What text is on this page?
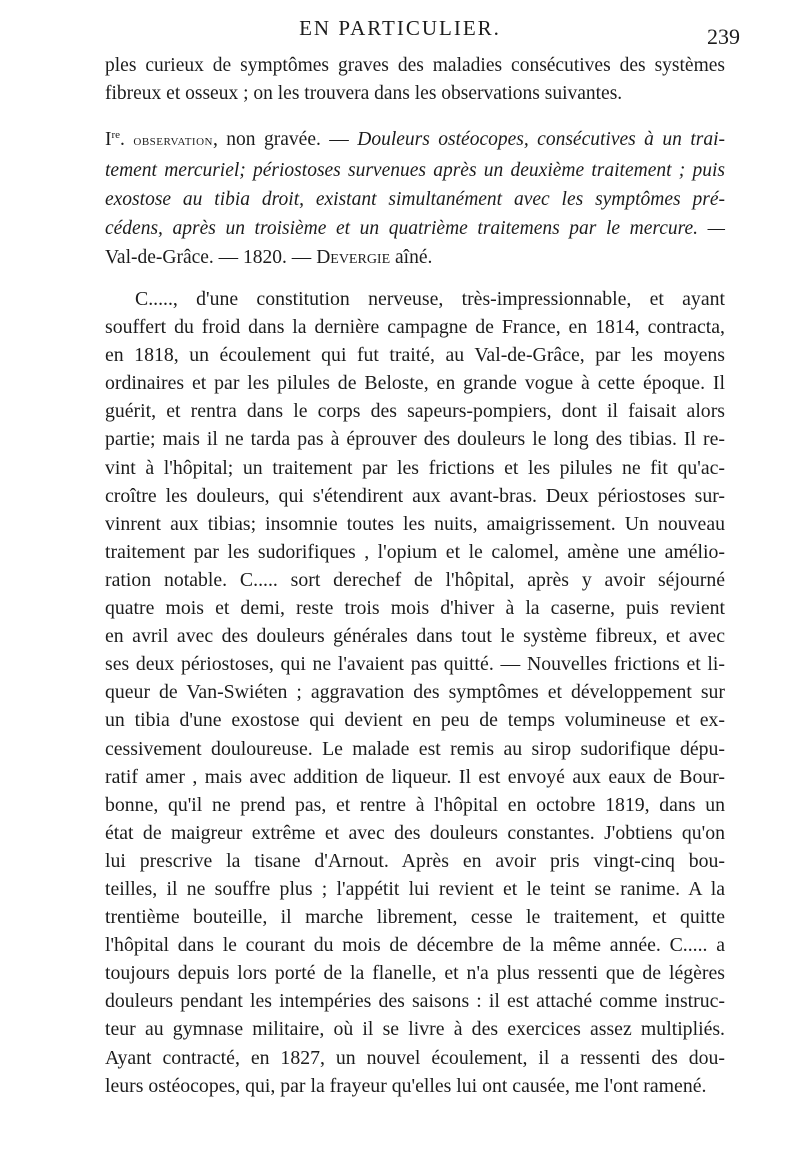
EN PARTICULIER.	239
ples curieux de symptômes graves des maladies consécutives des systèmes
fibreux et osseux ; on les trouvera dans les observations suivantes.
Ire. observation, non gravée. — Douleurs ostéocopes, consécutives à un trai-
tement mercuriel; périostoses survenues après un deuxième traitement ; puis
exostose au tibia droit, existant simultanément avec les symptômes pré-
cédens, après un troisième et un quatrième traitemens par le mercure. —
Val-de-Grâce. — 1820. — Devergie aîné.
C....., d'une constitution nerveuse, très-impressionnable, et ayant
souffert du froid dans la dernière campagne de France, en 1814, contracta,
en 1818, un écoulement qui fut traité, au Val-de-Grâce, par les moyens
ordinaires et par les pilules de Beloste, en grande vogue à cette époque. Il
guérit, et rentra dans le corps des sapeurs-pompiers, dont il faisait alors
partie; mais il ne tarda pas à éprouver des douleurs le long des tibias. Il re-
vint à l'hôpital; un traitement par les frictions et les pilules ne fit qu'ac-
croître les douleurs, qui s'étendirent aux avant-bras. Deux périostoses sur-
vinrent aux tibias; insomnie toutes les nuits, amaigrissement. Un nouveau
traitement par les sudorifiques , l'opium et le calomel, amène une amélio-
ration notable. C..... sort derechef de l'hôpital, après y avoir séjourné
quatre mois et demi, reste trois mois d'hiver à la caserne, puis revient
en avril avec des douleurs générales dans tout le système fibreux, et avec
ses deux périostoses, qui ne l'avaient pas quitté. — Nouvelles frictions et li-
queur de Van-Swiéten ; aggravation des symptômes et développement sur
un tibia d'une exostose qui devient en peu de temps volumineuse et ex-
cessivement douloureuse. Le malade est remis au sirop sudorifique dépu-
ratif amer , mais avec addition de liqueur. Il est envoyé aux eaux de Bour-
bonne, qu'il ne prend pas, et rentre à l'hôpital en octobre 1819, dans un
état de maigreur extrême et avec des douleurs constantes. J'obtiens qu'on
lui prescrive la tisane d'Arnout. Après en avoir pris vingt-cinq bou-
teilles, il ne souffre plus ; l'appétit lui revient et le teint se ranime. A la
trentième bouteille, il marche librement, cesse le traitement, et quitte
l'hôpital dans le courant du mois de décembre de la même année. C..... a
toujours depuis lors porté de la flanelle, et n'a plus ressenti que de légères
douleurs pendant les intempéries des saisons : il est attaché comme instruc-
teur au gymnase militaire, où il se livre à des exercices assez multipliés.
Ayant contracté, en 1827, un nouvel écoulement, il a ressenti des dou-
leurs ostéocopes, qui, par la frayeur qu'elles lui ont causée, me l'ont ramené.
